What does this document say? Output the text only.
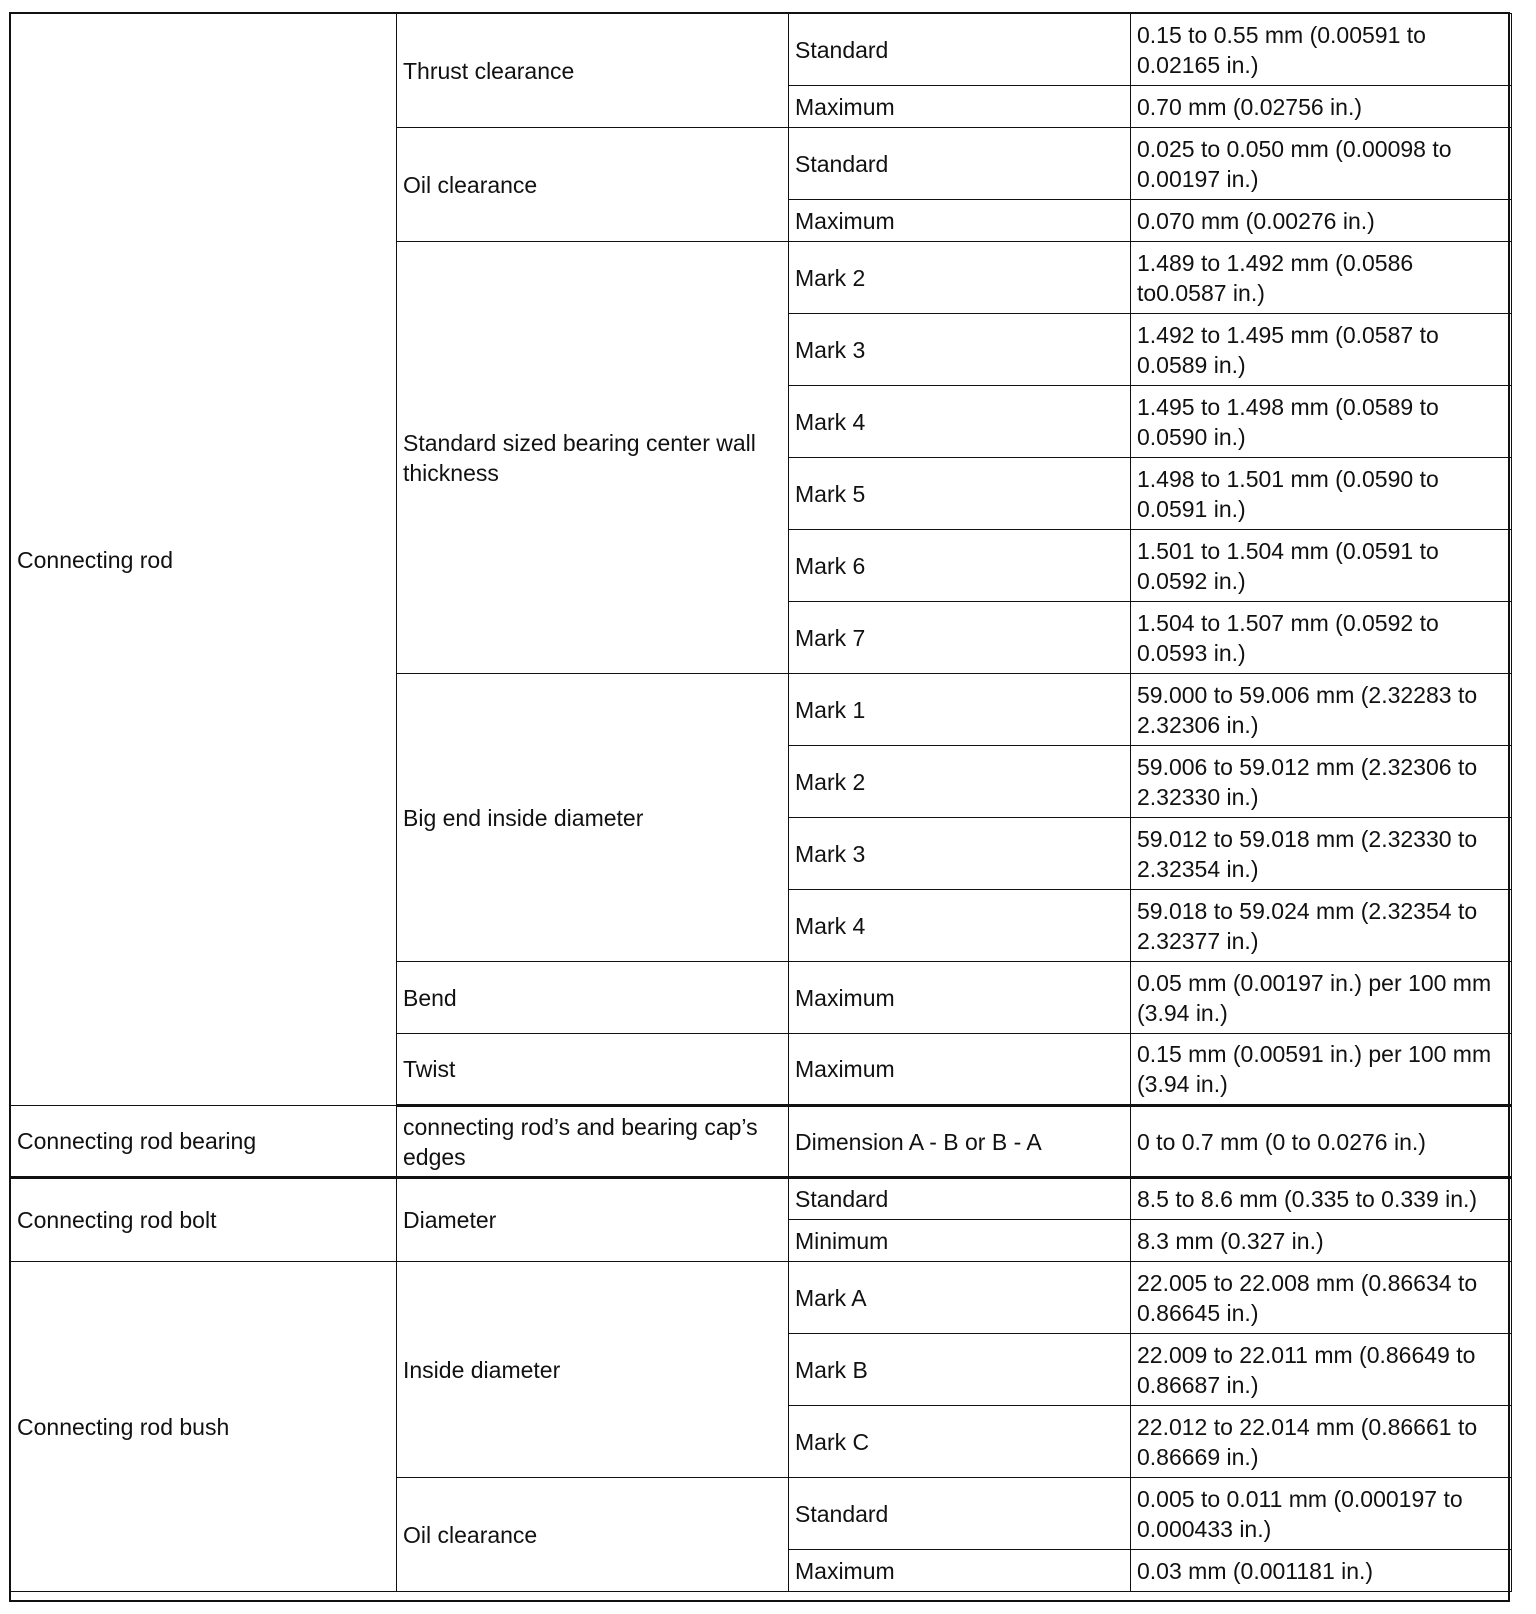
Connecting rod	Thrust clearance	Standard	0.15 to 0.55 mm (0.00591 to 0.02165 in.)
		Maximum	0.70 mm (0.02756 in.)
	Oil clearance	Standard	0.025 to 0.050 mm (0.00098 to 0.00197 in.)
		Maximum	0.070 mm (0.00276 in.)
	Standard sized bearing center wall thickness	Mark 2	1.489 to 1.492 mm (0.0586 to0.0587 in.)
		Mark 3	1.492 to 1.495 mm (0.0587 to 0.0589 in.)
		Mark 4	1.495 to 1.498 mm (0.0589 to 0.0590 in.)
		Mark 5	1.498 to 1.501 mm (0.0590 to 0.0591 in.)
		Mark 6	1.501 to 1.504 mm (0.0591 to 0.0592 in.)
		Mark 7	1.504 to 1.507 mm (0.0592 to 0.0593 in.)
	Big end inside diameter	Mark 1	59.000 to 59.006 mm (2.32283 to 2.32306 in.)
		Mark 2	59.006 to 59.012 mm (2.32306 to 2.32330 in.)
		Mark 3	59.012 to 59.018 mm (2.32330 to 2.32354 in.)
		Mark 4	59.018 to 59.024 mm (2.32354 to 2.32377 in.)
	Bend	Maximum	0.05 mm (0.00197 in.) per 100 mm (3.94 in.)
	Twist	Maximum	0.15 mm (0.00591 in.) per 100 mm (3.94 in.)
Connecting rod bearing	connecting rod’s and bearing cap’s edges	Dimension A - B or B - A	0 to 0.7 mm (0 to 0.0276 in.)
Connecting rod bolt	Diameter	Standard	8.5 to 8.6 mm (0.335 to 0.339 in.)
		Minimum	8.3 mm (0.327 in.)
Connecting rod bush	Inside diameter	Mark A	22.005 to 22.008 mm (0.86634 to 0.86645 in.)
		Mark B	22.009 to 22.011 mm (0.86649 to 0.86687 in.)
		Mark C	22.012 to 22.014 mm (0.86661 to 0.86669 in.)
	Oil clearance	Standard	0.005 to 0.011 mm (0.000197 to 0.000433 in.)
		Maximum	0.03 mm (0.001181 in.)
